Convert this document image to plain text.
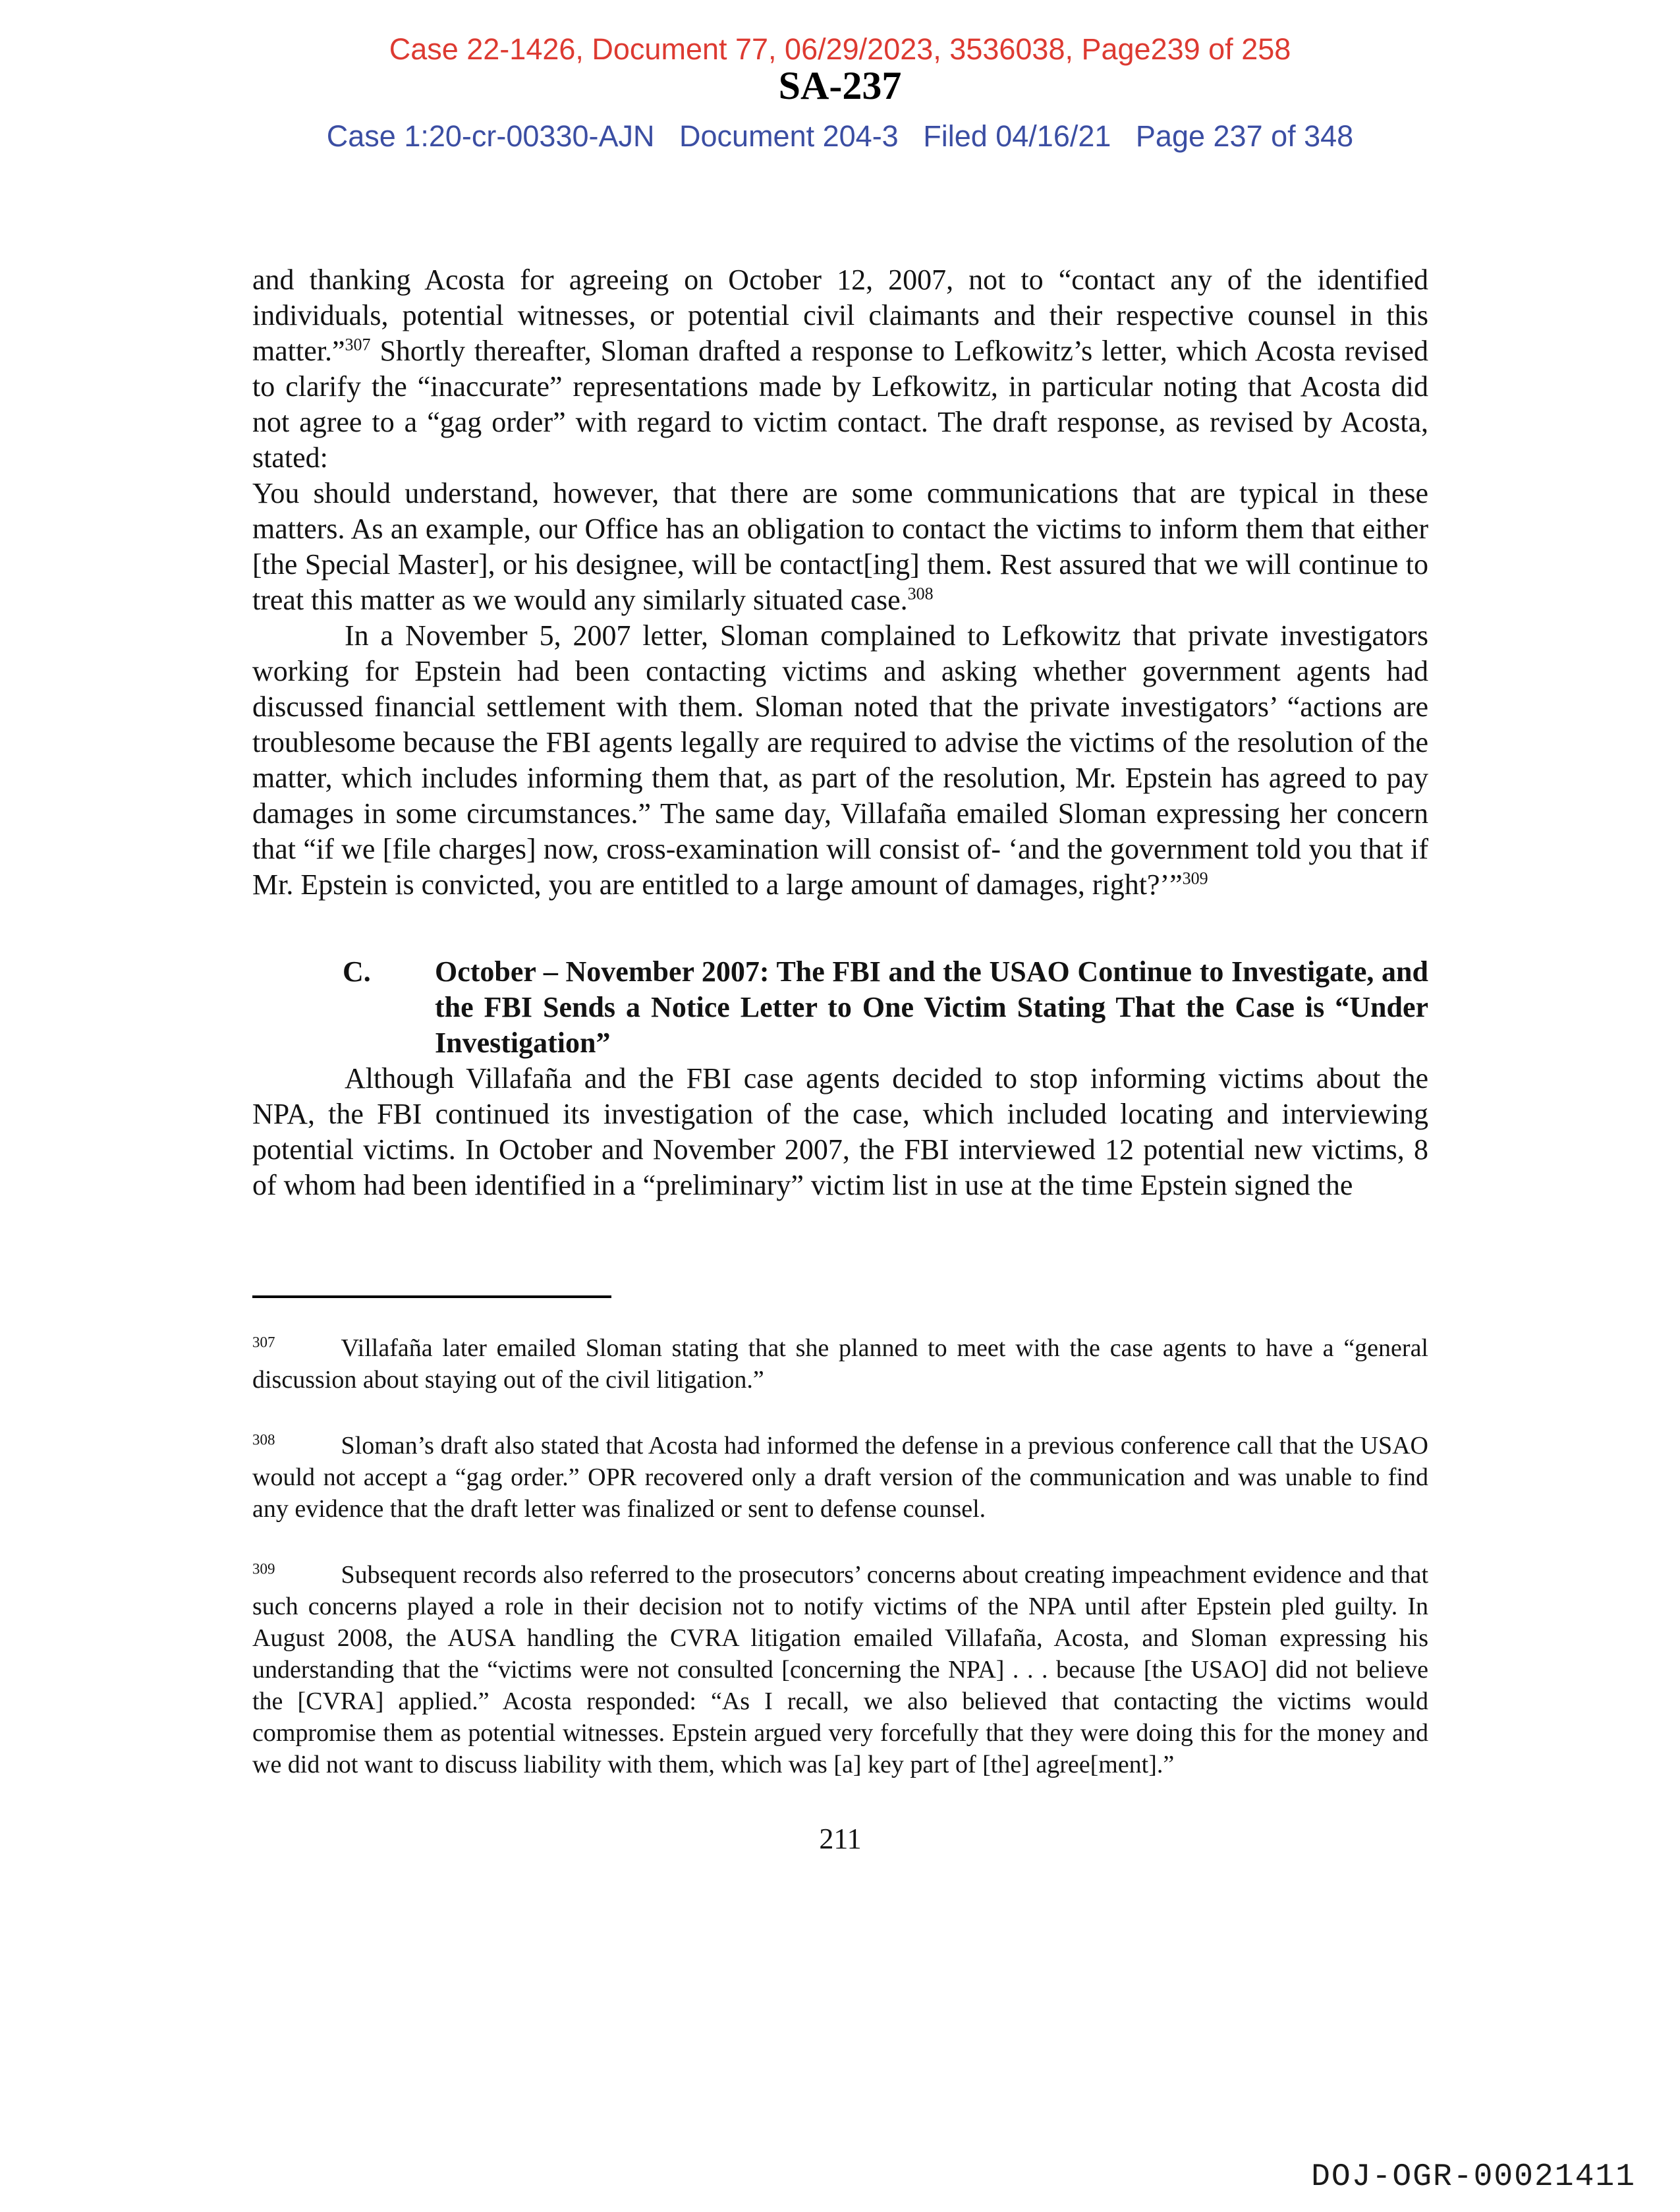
Case 22-1426, Document 77, 06/29/2023, 3536038, Page239 of 258
SA-237
Case 1:20-cr-00330-AJN   Document 204-3   Filed 04/16/21   Page 237 of 348

and thanking Acosta for agreeing on October 12, 2007, not to “contact any of the identified individuals, potential witnesses, or potential civil claimants and their respective counsel in this matter.”$^{307}$ Shortly thereafter, Sloman drafted a response to Lefkowitz’s letter, which Acosta revised to clarify the “inaccurate” representations made by Lefkowitz, in particular noting that Acosta did not agree to a “gag order” with regard to victim contact. The draft response, as revised by Acosta, stated:

You should understand, however, that there are some communications that are typical in these matters. As an example, our Office has an obligation to contact the victims to inform them that either [the Special Master], or his designee, will be contact[ing] them. Rest assured that we will continue to treat this matter as we would any similarly situated case.$^{308}$

In a November 5, 2007 letter, Sloman complained to Lefkowitz that private investigators working for Epstein had been contacting victims and asking whether government agents had discussed financial settlement with them. Sloman noted that the private investigators’ “actions are troublesome because the FBI agents legally are required to advise the victims of the resolution of the matter, which includes informing them that, as part of the resolution, Mr. Epstein has agreed to pay damages in some circumstances.” The same day, Villafaña emailed Sloman expressing her concern that “if we [file charges] now, cross-examination will consist of- ‘and the government told you that if Mr. Epstein is convicted, you are entitled to a large amount of damages, right?’”$^{309}$

C.	October – November 2007: The FBI and the USAO Continue to Investigate, and the FBI Sends a Notice Letter to One Victim Stating That the Case is “Under Investigation”

Although Villafaña and the FBI case agents decided to stop informing victims about the NPA, the FBI continued its investigation of the case, which included locating and interviewing potential victims. In October and November 2007, the FBI interviewed 12 potential new victims, 8 of whom had been identified in a “preliminary” victim list in use at the time Epstein signed the

$^{307}$	Villafaña later emailed Sloman stating that she planned to meet with the case agents to have a “general discussion about staying out of the civil litigation.”
$^{308}$	Sloman’s draft also stated that Acosta had informed the defense in a previous conference call that the USAO would not accept a “gag order.” OPR recovered only a draft version of the communication and was unable to find any evidence that the draft letter was finalized or sent to defense counsel.
$^{309}$	Subsequent records also referred to the prosecutors’ concerns about creating impeachment evidence and that such concerns played a role in their decision not to notify victims of the NPA until after Epstein pled guilty. In August 2008, the AUSA handling the CVRA litigation emailed Villafaña, Acosta, and Sloman expressing his understanding that the “victims were not consulted [concerning the NPA] . . . because [the USAO] did not believe the [CVRA] applied.” Acosta responded: “As I recall, we also believed that contacting the victims would compromise them as potential witnesses. Epstein argued very forcefully that they were doing this for the money and we did not want to discuss liability with them, which was [a] key part of [the] agree[ment].”
211
DOJ-OGR-00021411
